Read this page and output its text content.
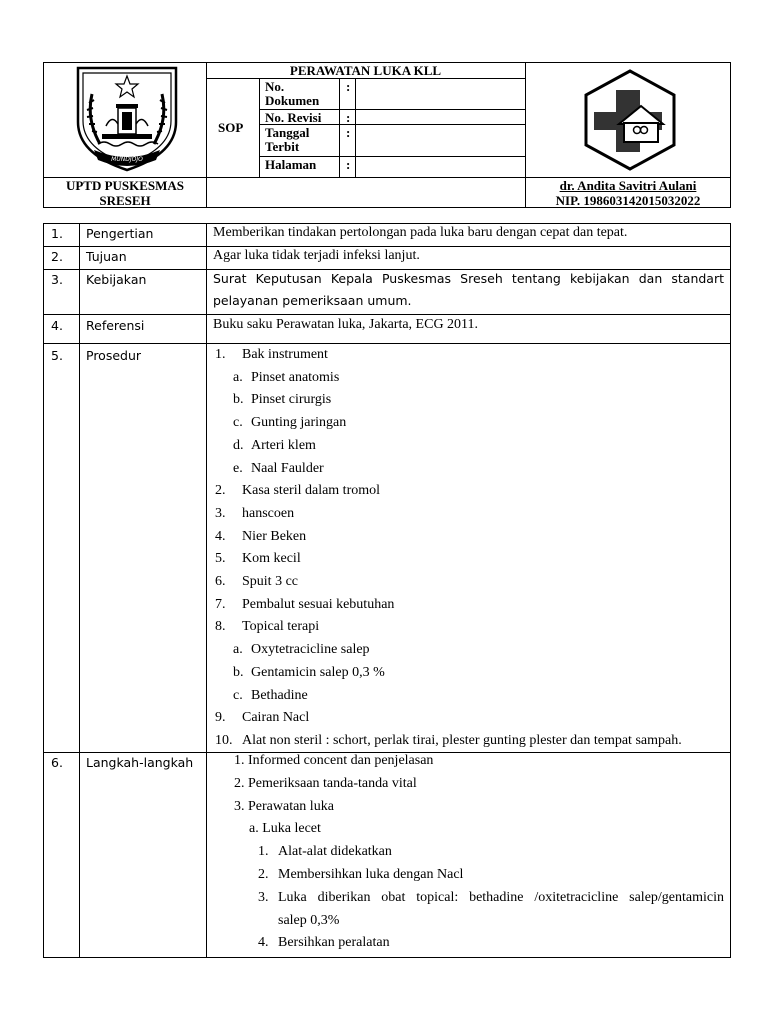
MUNDJOJO
PERAWATAN LUKA KLL
SOP
No. Dokumen
No. Revisi
Tanggal Terbit
Halaman
:
:
:
:
UPTD PUSKESMAS
SRESEH
dr. Andita Savitri Aulani
NIP. 198603142015032022
1. Pengertian
2. Tujuan
3. Kebijakan
4. Referensi
5. Prosedur
6. Langkah-langkah
Memberikan tindakan pertolongan pada luka baru dengan cepat dan tepat.
Agar luka tidak terjadi infeksi lanjut.
Surat Keputusan Kepala Puskesmas Sreseh tentang kebijakan dan standart
pelayanan pemeriksaan umum.
Buku saku Perawatan luka, Jakarta, ECG 2011.
1. Bak instrument
a. Pinset anatomis
b. Pinset cirurgis
c. Gunting jaringan
d. Arteri klem
e. Naal Faulder
2. Kasa steril dalam tromol
3. hanscoen
4. Nier Beken
5. Kom kecil
6. Spuit 3 cc
7. Pembalut sesuai kebutuhan
8. Topical terapi
a. Oxytetracicline salep
b. Gentamicin salep 0,3 %
c. Bethadine
9. Cairan Nacl
10. Alat non steril : schort, perlak tirai, plester gunting plester dan tempat sampah.
1. Informed concent dan penjelasan
2. Pemeriksaan tanda-tanda vital
3. Perawatan luka
a. Luka lecet
1. Alat-alat didekatkan
2. Membersihkan luka dengan Nacl
3. Luka diberikan obat topical: bethadine /oxitetracicline salep/gentamicin
salep 0,3%
4. Bersihkan peralatan
